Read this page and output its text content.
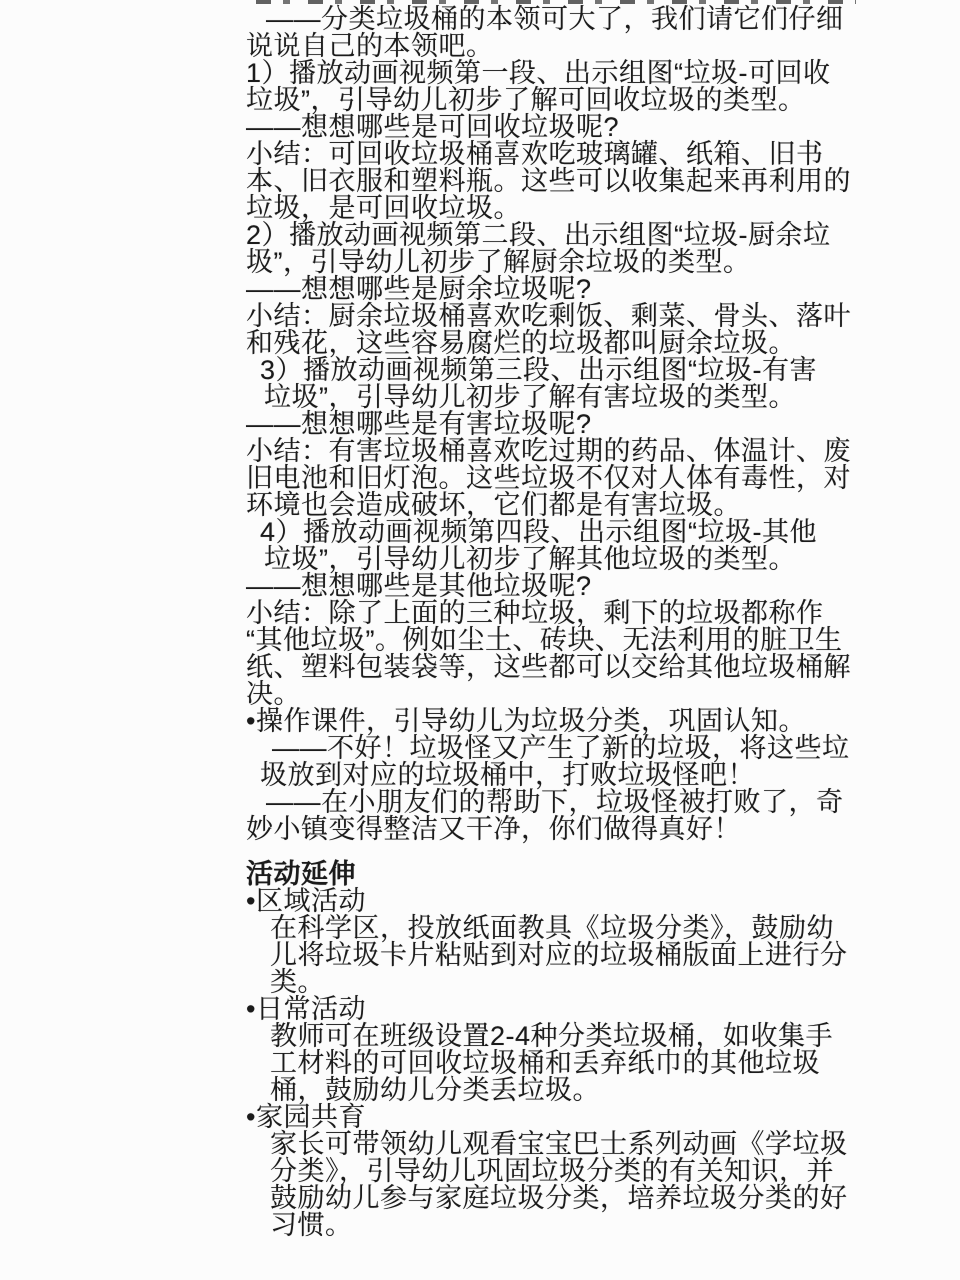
——分类垃圾桶的本领可大了，我们请它们仔细
说说自己的本领吧。
1）播放动画视频第一段、出示组图“垃圾-可回收
垃圾”，引导幼儿初步了解可回收垃圾的类型。
——想想哪些是可回收垃圾呢?
小结：可回收垃圾桶喜欢吃玻璃罐、纸箱、旧书
本、旧衣服和塑料瓶。这些可以收集起来再利用的
垃圾，是可回收垃圾。
2）播放动画视频第二段、出示组图“垃圾-厨余垃
圾”，引导幼儿初步了解厨余垃圾的类型。
——想想哪些是厨余垃圾呢?
小结：厨余垃圾桶喜欢吃剩饭、剩菜、骨头、落叶
和残花，这些容易腐烂的垃圾都叫厨余垃圾。
3）播放动画视频第三段、出示组图“垃圾-有害
垃圾”，引导幼儿初步了解有害垃圾的类型。
——想想哪些是有害垃圾呢?
小结：有害垃圾桶喜欢吃过期的药品、体温计、废
旧电池和旧灯泡。这些垃圾不仅对人体有毒性，对
环境也会造成破坏，它们都是有害垃圾。
4）播放动画视频第四段、出示组图“垃圾-其他
垃圾”，引导幼儿初步了解其他垃圾的类型。
——想想哪些是其他垃圾呢?
小结：除了上面的三种垃圾，剩下的垃圾都称作
“其他垃圾”。例如尘土、砖块、无法利用的脏卫生
纸、塑料包装袋等，这些都可以交给其他垃圾桶解
决。
•操作课件，引导幼儿为垃圾分类，巩固认知。
——不好！垃圾怪又产生了新的垃圾，将这些垃
圾放到对应的垃圾桶中，打败垃圾怪吧！
——在小朋友们的帮助下，垃圾怪被打败了，奇
妙小镇变得整洁又干净，你们做得真好！
活动延伸
•区域活动
在科学区，投放纸面教具《垃圾分类》，鼓励幼
儿将垃圾卡片粘贴到对应的垃圾桶版面上进行分
类。
•日常活动
教师可在班级设置2-4种分类垃圾桶，如收集手
工材料的可回收垃圾桶和丢弃纸巾的其他垃圾
桶，鼓励幼儿分类丢垃圾。
•家园共育
家长可带领幼儿观看宝宝巴士系列动画《学垃圾
分类》，引导幼儿巩固垃圾分类的有关知识，并
鼓励幼儿参与家庭垃圾分类，培养垃圾分类的好
习惯。
